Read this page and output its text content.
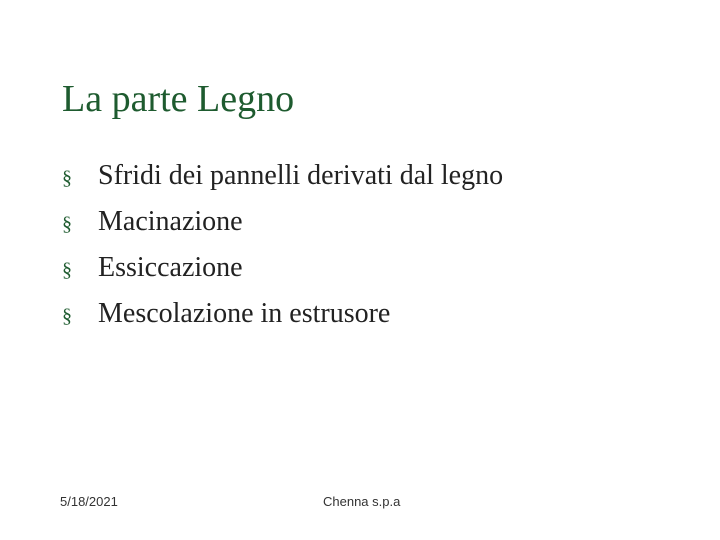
La parte Legno
§ Sfridi dei pannelli derivati dal legno
§ Macinazione
§ Essiccazione
§ Mescolazione in estrusore
5/18/2021	Chenna s.p.a
